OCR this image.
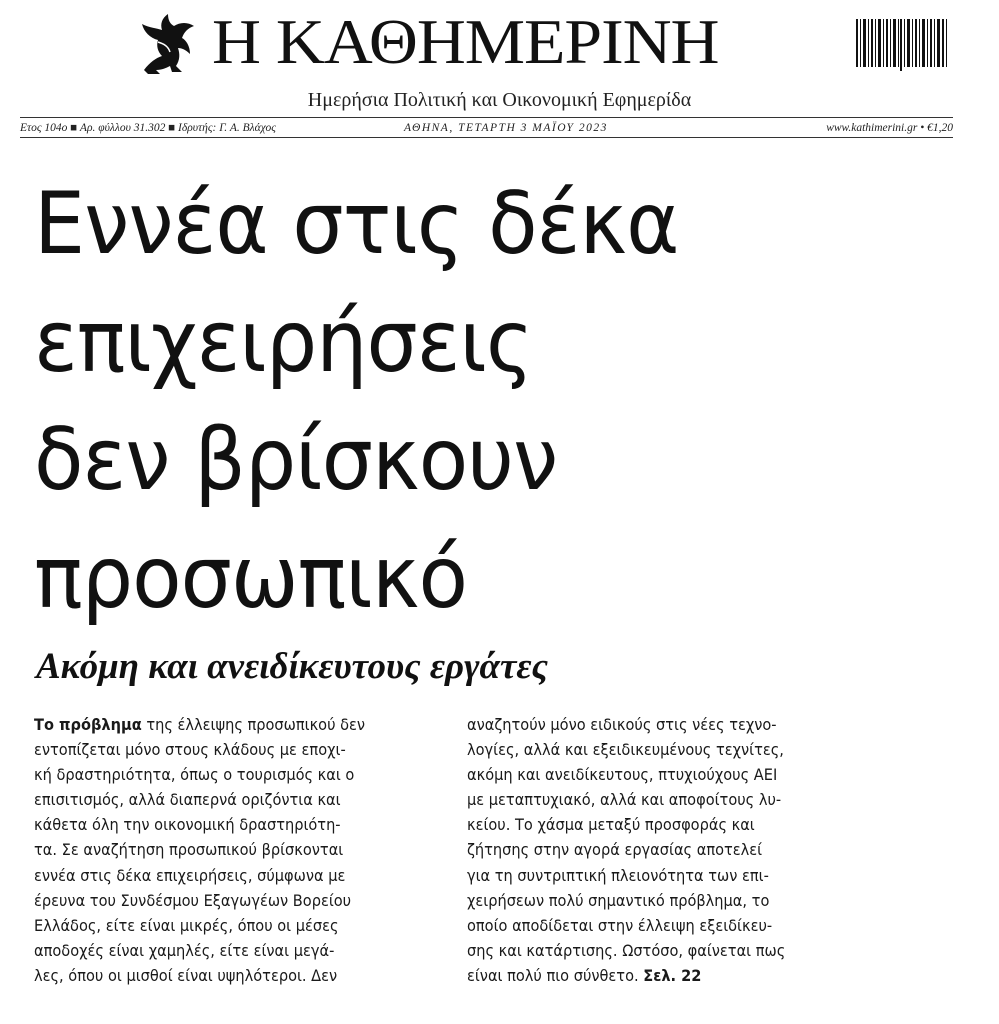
Η ΚΑΘΗΜΕΡΙΝΗ
Ημερήσια Πολιτική και Οικονομική Εφημερίδα
Ετος 104ο ■ Αρ. φύλλου 31.302 ■ Ιδρυτής: Γ. Α. Βλάχος	ΑΘΗΝΑ, ΤΕΤΑΡΤΗ 3 ΜΑΪΟΥ 2023	www.kathimerini.gr • €1,20
Εννέα στις δέκα
επιχειρήσεις
δεν βρίσκουν
προσωπικό
Ακόμη και ανειδίκευτους εργάτες
Το πρόβλημα της έλλειψης προσωπικού δεν
εντοπίζεται μόνο στους κλάδους με εποχι-
κή δραστηριότητα, όπως ο τουρισμός και ο
επισιτισμός, αλλά διαπερνά οριζόντια και
κάθετα όλη την οικονομική δραστηριότη-
τα. Σε αναζήτηση προσωπικού βρίσκονται
εννέα στις δέκα επιχειρήσεις, σύμφωνα με
έρευνα του Συνδέσμου Εξαγωγέων Βορείου
Ελλάδος, είτε είναι μικρές, όπου οι μέσες
αποδοχές είναι χαμηλές, είτε είναι μεγά-
λες, όπου οι μισθοί είναι υψηλότεροι. Δεν
αναζητούν μόνο ειδικούς στις νέες τεχνο-
λογίες, αλλά και εξειδικευμένους τεχνίτες,
ακόμη και ανειδίκευτους, πτυχιούχους ΑΕΙ
με μεταπτυχιακό, αλλά και αποφοίτους λυ-
κείου. Το χάσμα μεταξύ προσφοράς και
ζήτησης στην αγορά εργασίας αποτελεί
για τη συντριπτική πλειονότητα των επι-
χειρήσεων πολύ σημαντικό πρόβλημα, το
οποίο αποδίδεται στην έλλειψη εξειδίκευ-
σης και κατάρτισης. Ωστόσο, φαίνεται πως
είναι πολύ πιο σύνθετο. Σελ. 22
